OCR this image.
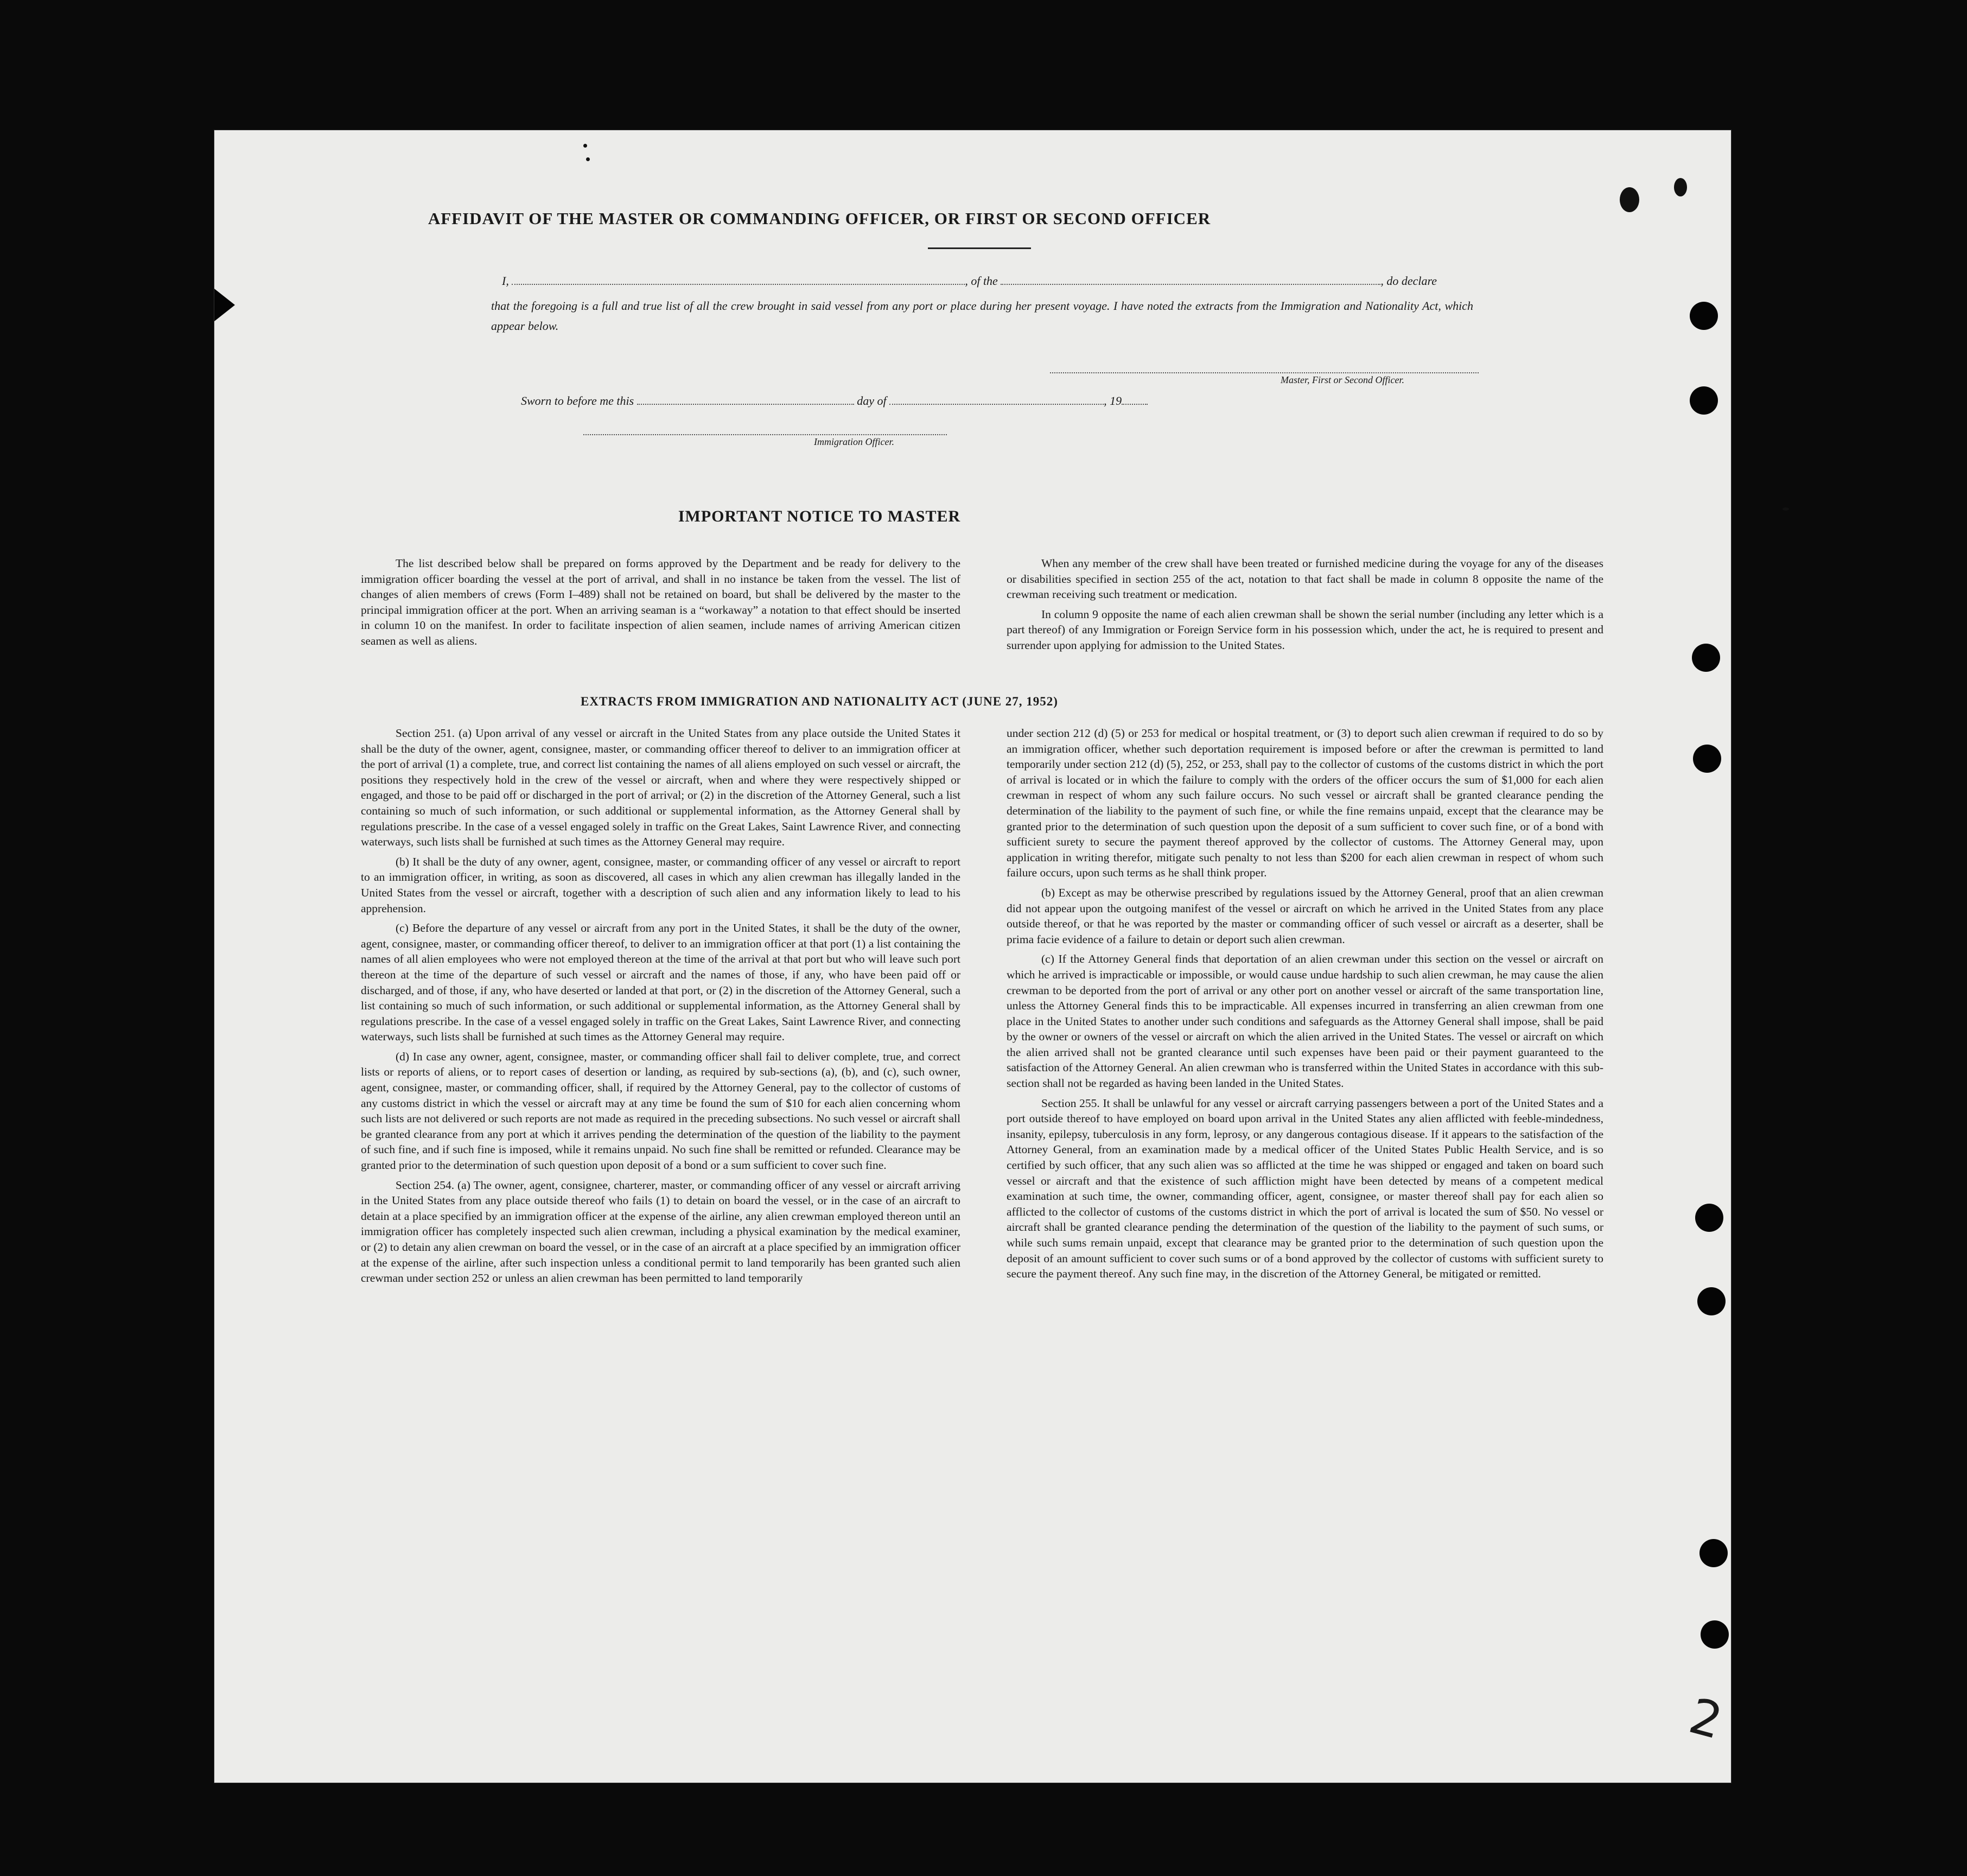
AFFIDAVIT OF THE MASTER OR COMMANDING OFFICER, OR FIRST OR SECOND OFFICER
I,	, of the	, do declare
that the foregoing is a full and true list of all the crew brought in said vessel from any port or place during her present voyage. I have noted the extracts from the Immigration and Nationality Act, which appear below.
Master, First or Second Officer.
Sworn to before me this	day of	, 19
Immigration Officer.
IMPORTANT NOTICE TO MASTER

The list described below shall be prepared on forms approved by the Department and be ready for delivery to the immigration officer boarding the vessel at the port of arrival, and shall in no instance be taken from the vessel. The list of changes of alien members of crews (Form I–489) shall not be retained on board, but shall be delivered by the master to the principal immigration officer at the port. When an arriving seaman is a “workaway” a notation to that effect should be inserted in column 10 on the manifest. In order to facilitate inspection of alien seamen, include names of arriving American citizen seamen as well as aliens.

When any member of the crew shall have been treated or furnished medicine during the voyage for any of the diseases or disabilities specified in section 255 of the act, notation to that fact shall be made in column 8 opposite the name of the crewman receiving such treatment or medication.

In column 9 opposite the name of each alien crewman shall be shown the serial number (including any letter which is a part thereof) of any Immigration or Foreign Service form in his possession which, under the act, he is required to present and surrender upon applying for admission to the United States.

EXTRACTS FROM IMMIGRATION AND NATIONALITY ACT (JUNE 27, 1952)

Section 251. (a) Upon arrival of any vessel or aircraft in the United States from any place outside the United States it shall be the duty of the owner, agent, consignee, master, or commanding officer thereof to deliver to an immigration officer at the port of arrival (1) a complete, true, and correct list containing the names of all aliens employed on such vessel or aircraft, the positions they respectively hold in the crew of the vessel or aircraft, when and where they were respectively shipped or engaged, and those to be paid off or discharged in the port of arrival; or (2) in the discretion of the Attorney General, such a list containing so much of such information, or such additional or supplemental information, as the Attorney General shall by regulations prescribe. In the case of a vessel engaged solely in traffic on the Great Lakes, Saint Lawrence River, and connecting waterways, such lists shall be furnished at such times as the Attorney General may require.

(b) It shall be the duty of any owner, agent, consignee, master, or commanding officer of any vessel or aircraft to report to an immigration officer, in writing, as soon as discovered, all cases in which any alien crewman has illegally landed in the United States from the vessel or aircraft, together with a description of such alien and any information likely to lead to his apprehension.

(c) Before the departure of any vessel or aircraft from any port in the United States, it shall be the duty of the owner, agent, consignee, master, or commanding officer thereof, to deliver to an immigration officer at that port (1) a list containing the names of all alien employees who were not employed thereon at the time of the arrival at that port but who will leave such port thereon at the time of the departure of such vessel or aircraft and the names of those, if any, who have been paid off or discharged, and of those, if any, who have deserted or landed at that port, or (2) in the discretion of the Attorney General, such a list containing so much of such information, or such additional or supplemental information, as the Attorney General shall by regulations prescribe. In the case of a vessel engaged solely in traffic on the Great Lakes, Saint Lawrence River, and connecting waterways, such lists shall be furnished at such times as the Attorney General may require.

(d) In case any owner, agent, consignee, master, or commanding officer shall fail to deliver complete, true, and correct lists or reports of aliens, or to report cases of desertion or landing, as required by sub-sections (a), (b), and (c), such owner, agent, consignee, master, or commanding officer, shall, if required by the Attorney General, pay to the collector of customs of any customs district in which the vessel or aircraft may at any time be found the sum of $10 for each alien concerning whom such lists are not delivered or such reports are not made as required in the preceding subsections. No such vessel or aircraft shall be granted clearance from any port at which it arrives pending the determination of the question of the liability to the payment of such fine, and if such fine is imposed, while it remains unpaid. No such fine shall be remitted or refunded. Clearance may be granted prior to the determination of such question upon deposit of a bond or a sum sufficient to cover such fine.

Section 254. (a) The owner, agent, consignee, charterer, master, or commanding officer of any vessel or aircraft arriving in the United States from any place outside thereof who fails (1) to detain on board the vessel, or in the case of an aircraft to detain at a place specified by an immigration officer at the expense of the airline, any alien crewman employed thereon until an immigration officer has completely inspected such alien crewman, including a physical examination by the medical examiner, or (2) to detain any alien crewman on board the vessel, or in the case of an aircraft at a place specified by an immigration officer at the expense of the airline, after such inspection unless a conditional permit to land temporarily has been granted such alien crewman under section 252 or unless an alien crewman has been permitted to land temporarily

under section 212 (d) (5) or 253 for medical or hospital treatment, or (3) to deport such alien crewman if required to do so by an immigration officer, whether such deportation requirement is imposed before or after the crewman is permitted to land temporarily under section 212 (d) (5), 252, or 253, shall pay to the collector of customs of the customs district in which the port of arrival is located or in which the failure to comply with the orders of the officer occurs the sum of $1,000 for each alien crewman in respect of whom any such failure occurs. No such vessel or aircraft shall be granted clearance pending the determination of the liability to the payment of such fine, or while the fine remains unpaid, except that the clearance may be granted prior to the determination of such question upon the deposit of a sum sufficient to cover such fine, or of a bond with sufficient surety to secure the payment thereof approved by the collector of customs. The Attorney General may, upon application in writing therefor, mitigate such penalty to not less than $200 for each alien crewman in respect of whom such failure occurs, upon such terms as he shall think proper.

(b) Except as may be otherwise prescribed by regulations issued by the Attorney General, proof that an alien crewman did not appear upon the outgoing manifest of the vessel or aircraft on which he arrived in the United States from any place outside thereof, or that he was reported by the master or commanding officer of such vessel or aircraft as a deserter, shall be prima facie evidence of a failure to detain or deport such alien crewman.

(c) If the Attorney General finds that deportation of an alien crewman under this section on the vessel or aircraft on which he arrived is impracticable or impossible, or would cause undue hardship to such alien crewman, he may cause the alien crewman to be deported from the port of arrival or any other port on another vessel or aircraft of the same transportation line, unless the Attorney General finds this to be impracticable. All expenses incurred in transferring an alien crewman from one place in the United States to another under such conditions and safeguards as the Attorney General shall impose, shall be paid by the owner or owners of the vessel or aircraft on which the alien arrived in the United States. The vessel or aircraft on which the alien arrived shall not be granted clearance until such expenses have been paid or their payment guaranteed to the satisfaction of the Attorney General. An alien crewman who is transferred within the United States in accordance with this sub-section shall not be regarded as having been landed in the United States.

Section 255. It shall be unlawful for any vessel or aircraft carrying passengers between a port of the United States and a port outside thereof to have employed on board upon arrival in the United States any alien afflicted with feeble-mindedness, insanity, epilepsy, tuberculosis in any form, leprosy, or any dangerous contagious disease. If it appears to the satisfaction of the Attorney General, from an examination made by a medical officer of the United States Public Health Service, and is so certified by such officer, that any such alien was so afflicted at the time he was shipped or engaged and taken on board such vessel or aircraft and that the existence of such affliction might have been detected by means of a competent medical examination at such time, the owner, commanding officer, agent, consignee, or master thereof shall pay for each alien so afflicted to the collector of customs of the customs district in which the port of arrival is located the sum of $50. No vessel or aircraft shall be granted clearance pending the determination of the question of the liability to the payment of such sums, or while such sums remain unpaid, except that clearance may be granted prior to the determination of such question upon the deposit of an amount sufficient to cover such sums or of a bond approved by the collector of customs with sufficient surety to secure the payment thereof. Any such fine may, in the discretion of the Attorney General, be mitigated or remitted.

2
